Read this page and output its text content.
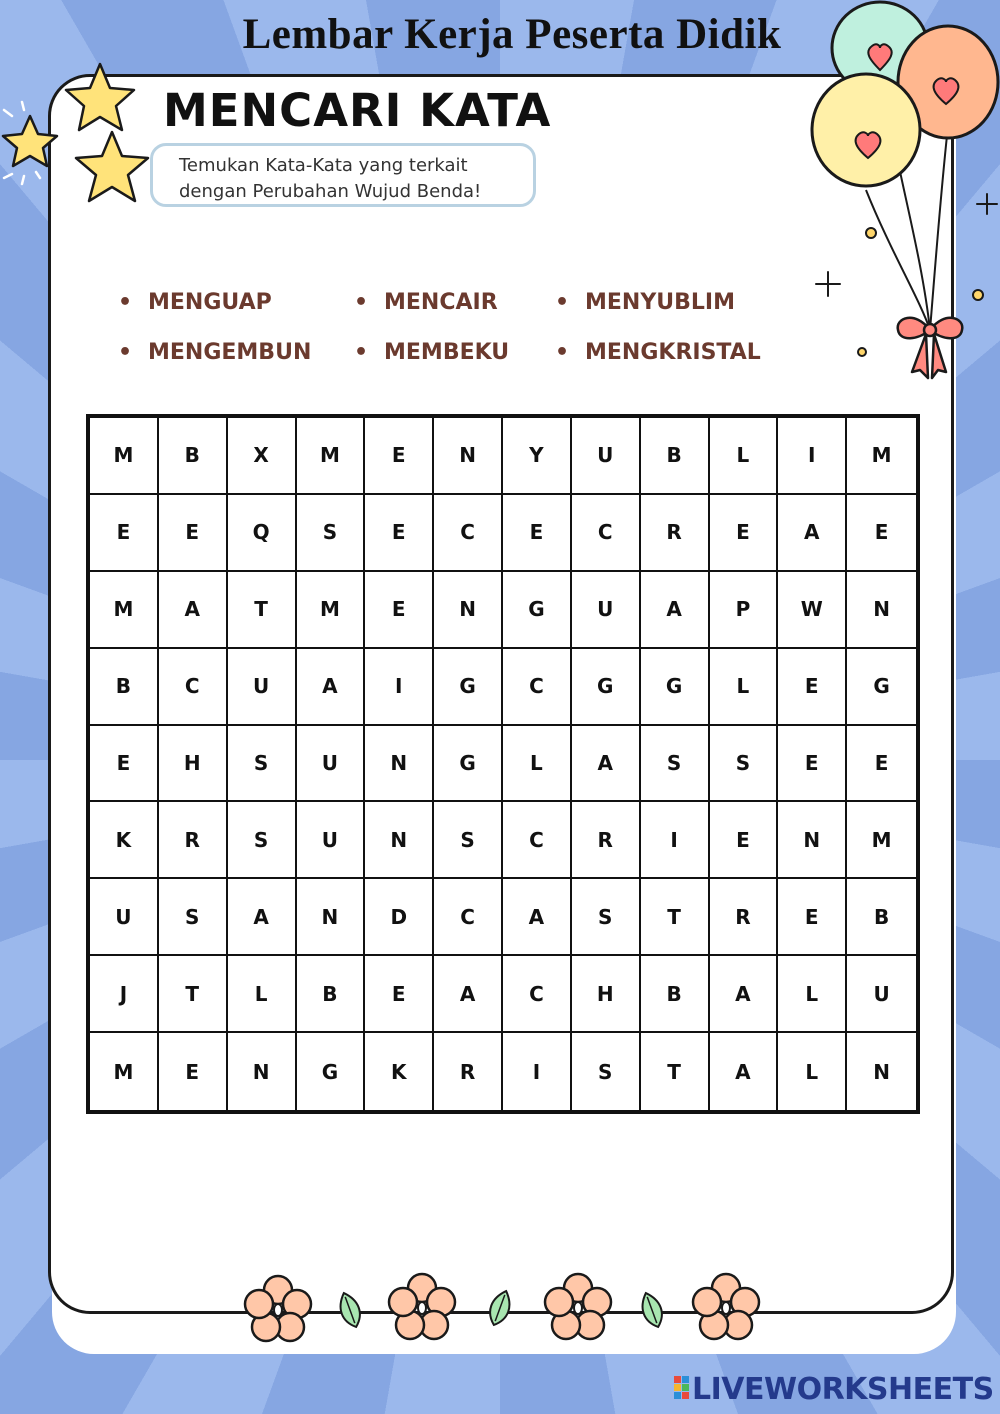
Lembar Kerja Peserta Didik
MENCARI KATA
Temukan Kata-Kata yang terkait
dengan Perubahan Wujud Benda!
• MENGUAP	• MENCAIR	• MENYUBLIM
• MENGEMBUN	• MEMBEKU	• MENGKRISTAL
M	B	X	M	E	N	Y	U	B	L	I	M
E	E	Q	S	E	C	E	C	R	E	A	E
M	A	T	M	E	N	G	U	A	P	W	N
B	C	U	A	I	G	C	G	G	L	E	G
E	H	S	U	N	G	L	A	S	S	E	E
K	R	S	U	N	S	C	R	I	E	N	M
U	S	A	N	D	C	A	S	T	R	E	B
J	T	L	B	E	A	C	H	B	A	L	U
M	E	N	G	K	R	I	S	T	A	L	N
LIVEWORKSHEETS
